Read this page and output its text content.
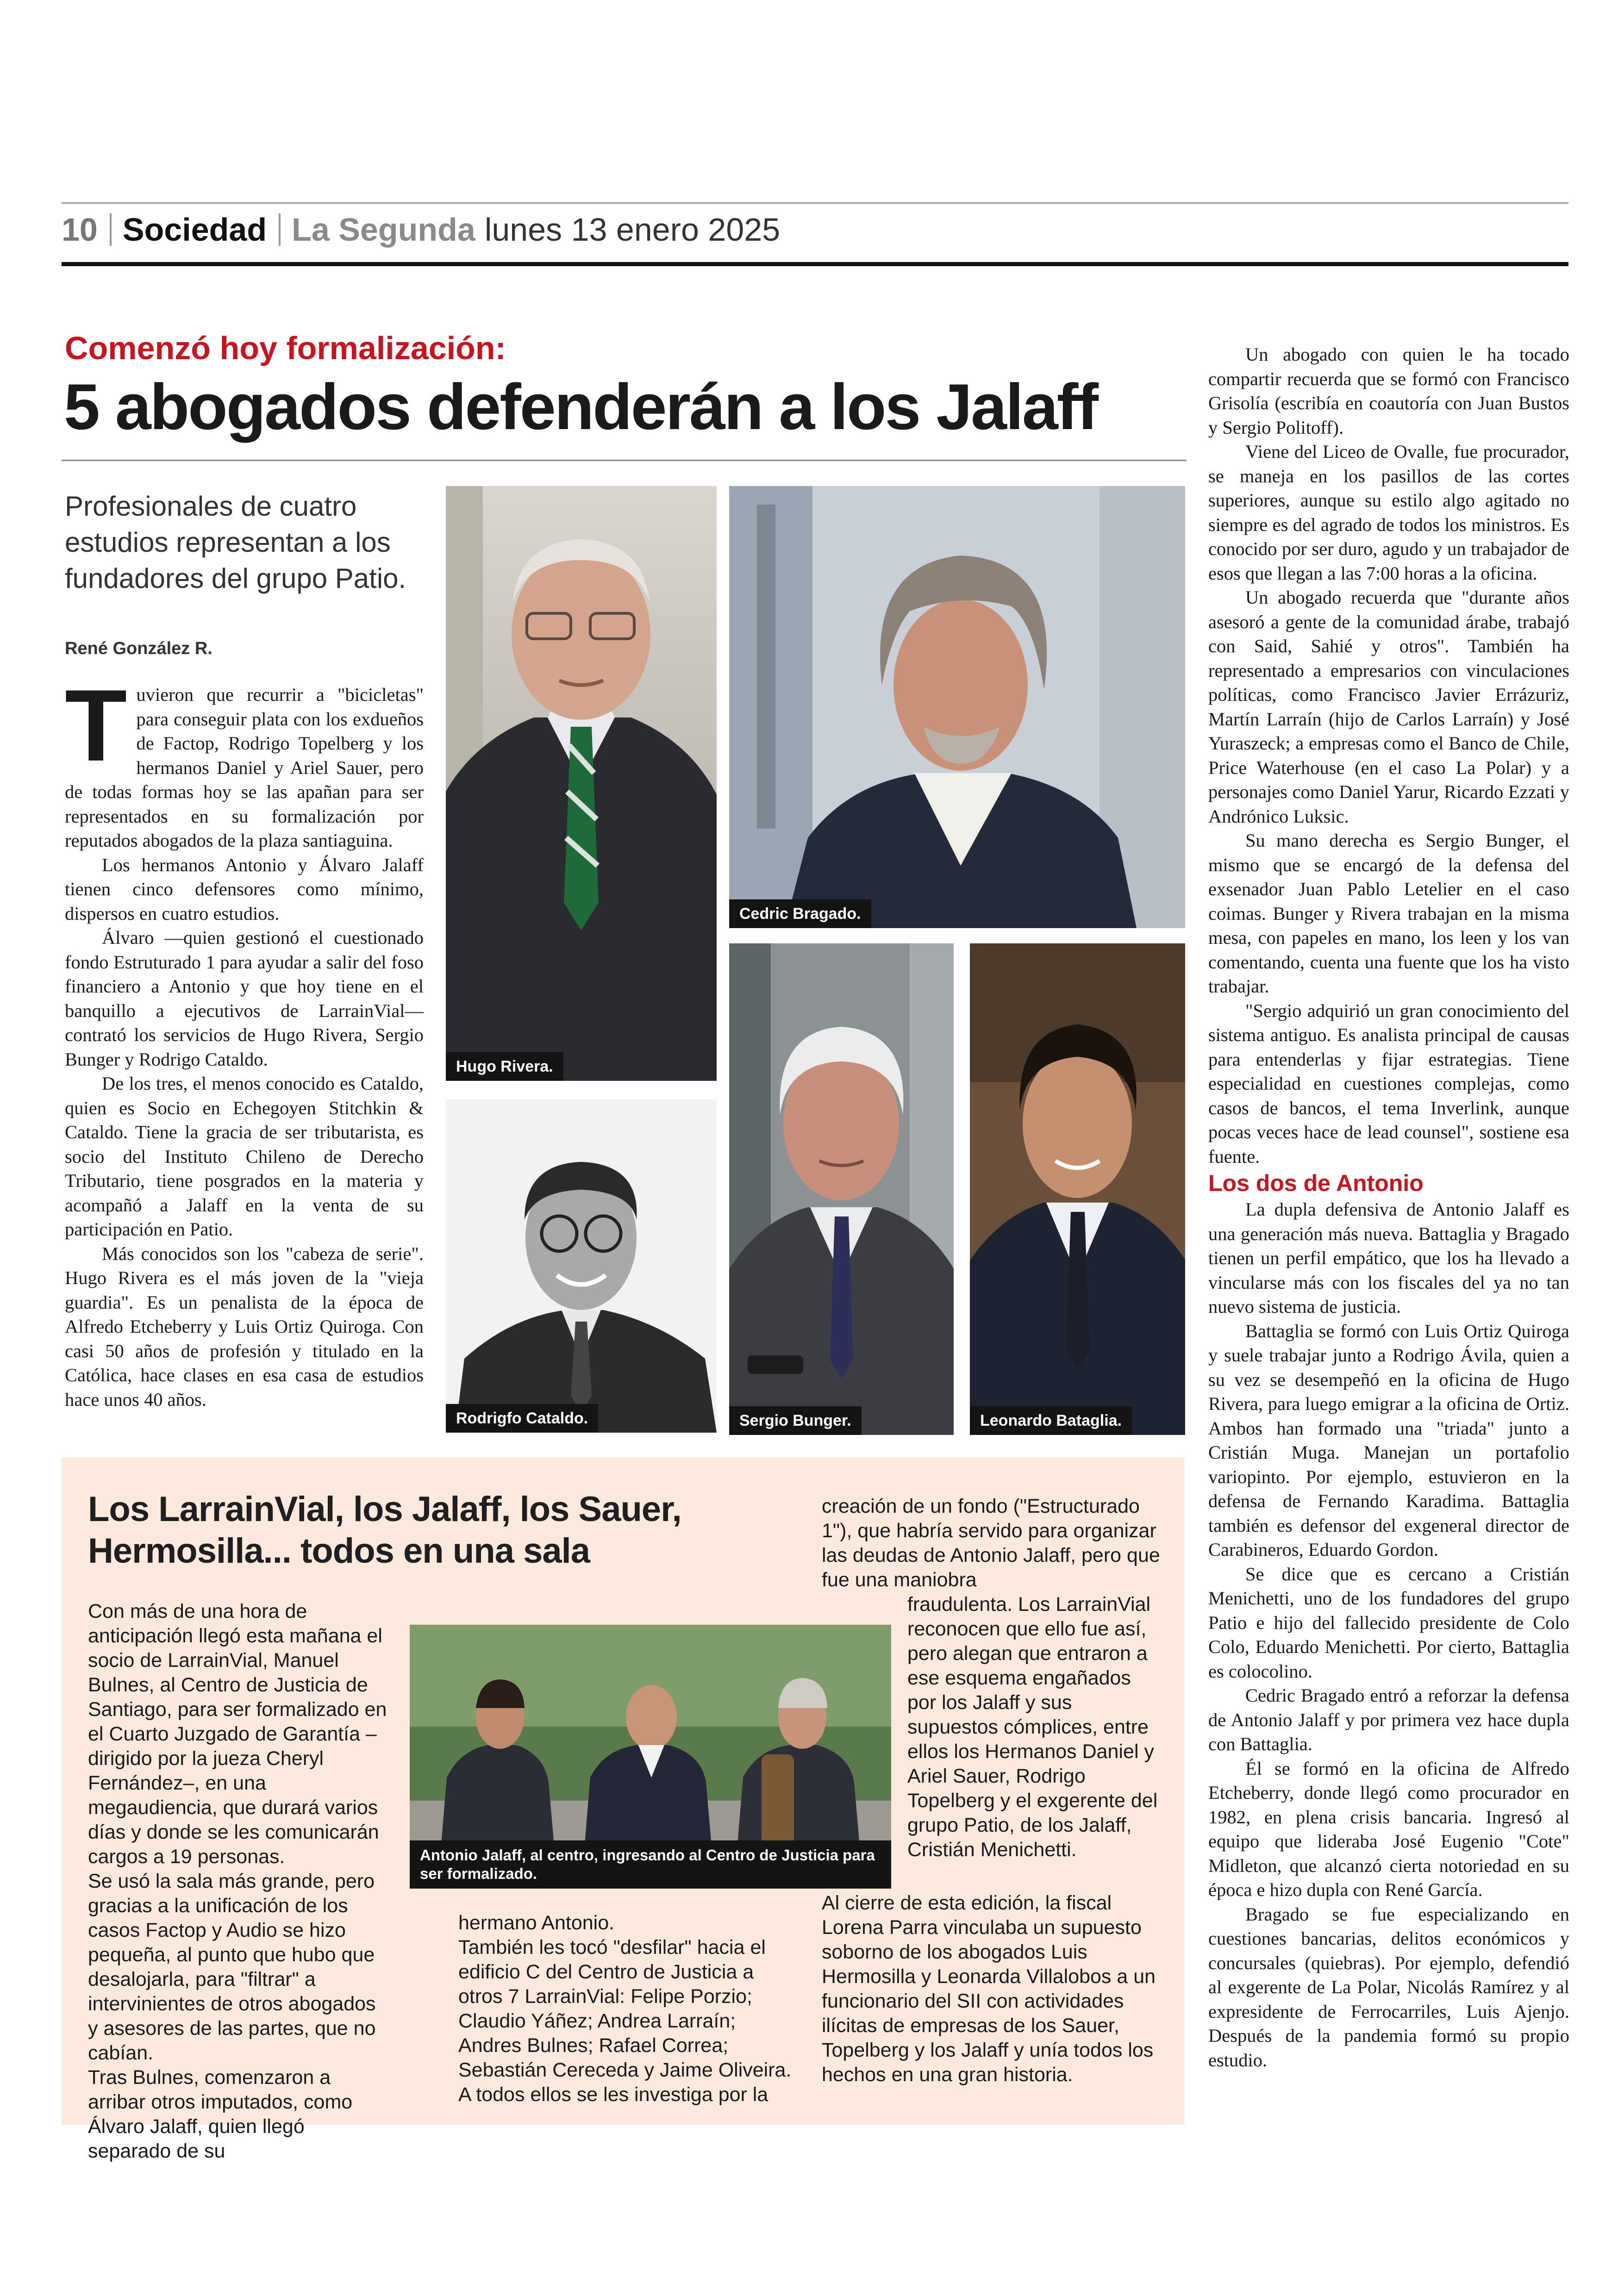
10 Sociedad La Segunda lunes 13 enero 2025
Comenzó hoy formalización:
5 abogados defenderán a los Jalaff
Profesionales de cuatro estudios representan a los fundadores del grupo Patio.
René González R.

Tuvieron que recurrir a "bicicletas" para conseguir plata con los exdueños de Factop, Rodrigo Topelberg y los hermanos Daniel y Ariel Sauer, pero de todas formas hoy se las apañan para ser representados en su formalización por reputados abogados de la plaza santiaguina.

Los hermanos Antonio y Álvaro Jalaff tienen cinco defensores como mínimo, dispersos en cuatro estudios.

Álvaro —quien gestionó el cuestionado fondo Estruturado 1 para ayudar a salir del foso financiero a Antonio y que hoy tiene en el banquillo a ejecutivos de LarrainVial— contrató los servicios de Hugo Rivera, Sergio Bunger y Rodrigo Cataldo.

De los tres, el menos conocido es Cataldo, quien es Socio en Echegoyen Stitchkin & Cataldo. Tiene la gracia de ser tributarista, es socio del Instituto Chileno de Derecho Tributario, tiene posgrados en la materia y acompañó a Jalaff en la venta de su participación en Patio.

Más conocidos son los "cabeza de serie". Hugo Rivera es el más joven de la "vieja guardia". Es un penalista de la época de Alfredo Etcheberry y Luis Ortiz Quiroga. Con casi 50 años de profesión y titulado en la Católica, hace clases en esa casa de estudios hace unos 40 años.

Hugo Rivera.
Cedric Bragado.
Rodrigfo Cataldo.	Sergio Bunger.	Leonardo Bataglia.

Un abogado con quien le ha tocado compartir recuerda que se formó con Francisco Grisolía (escribía en coautoría con Juan Bustos y Sergio Politoff).

Viene del Liceo de Ovalle, fue procurador, se maneja en los pasillos de las cortes superiores, aunque su estilo algo agitado no siempre es del agrado de todos los ministros. Es conocido por ser duro, agudo y un trabajador de esos que llegan a las 7:00 horas a la oficina.

Un abogado recuerda que "durante años asesoró a gente de la comunidad árabe, trabajó con Said, Sahié y otros". También ha representado a empresarios con vinculaciones políticas, como Francisco Javier Errázuriz, Martín Larraín (hijo de Carlos Larraín) y José Yuraszeck; a empresas como el Banco de Chile, Price Waterhouse (en el caso La Polar) y a personajes como Daniel Yarur, Ricardo Ezzati y Andrónico Luksic.

Su mano derecha es Sergio Bunger, el mismo que se encargó de la defensa del exsenador Juan Pablo Letelier en el caso coimas. Bunger y Rivera trabajan en la misma mesa, con papeles en mano, los leen y los van comentando, cuenta una fuente que los ha visto trabajar.

"Sergio adquirió un gran conocimiento del sistema antiguo. Es analista principal de causas para entenderlas y fijar estrategias. Tiene especialidad en cuestiones complejas, como casos de bancos, el tema Inverlink, aunque pocas veces hace de lead counsel", sostiene esa fuente.

Los dos de Antonio

La dupla defensiva de Antonio Jalaff es una generación más nueva. Battaglia y Bragado tienen un perfil empático, que los ha llevado a vincularse más con los fiscales del ya no tan nuevo sistema de justicia.

Battaglia se formó con Luis Ortiz Quiroga y suele trabajar junto a Rodrigo Ávila, quien a su vez se desempeñó en la oficina de Hugo Rivera, para luego emigrar a la oficina de Ortiz. Ambos han formado una "triada" junto a Cristián Muga. Manejan un portafolio variopinto. Por ejemplo, estuvieron en la defensa de Fernando Karadima. Battaglia también es defensor del exgeneral director de Carabineros, Eduardo Gordon.

Se dice que es cercano a Cristián Menichetti, uno de los fundadores del grupo Patio e hijo del fallecido presidente de Colo Colo, Eduardo Menichetti. Por cierto, Battaglia es colocolino.

Cedric Bragado entró a reforzar la defensa de Antonio Jalaff y por primera vez hace dupla con Battaglia.

Él se formó en la oficina de Alfredo Etcheberry, donde llegó como procurador en 1982, en plena crisis bancaria. Ingresó al equipo que lideraba José Eugenio "Cote" Midleton, que alcanzó cierta notoriedad en su época e hizo dupla con René García.

Bragado se fue especializando en cuestiones bancarias, delitos económicos y concursales (quiebras). Por ejemplo, defendió al exgerente de La Polar, Nicolás Ramírez y al expresidente de Ferrocarriles, Luis Ajenjo. Después de la pandemia formó su propio estudio.

Los LarrainVial, los Jalaff, los Sauer, Hermosilla... todos en una sala
Antonio Jalaff, al centro, ingresando al Centro de Justicia para ser formalizado.

Con más de una hora de anticipación llegó esta mañana el socio de LarrainVial, Manuel Bulnes, al Centro de Justicia de Santiago, para ser formalizado en el Cuarto Juzgado de Garantía –dirigido por la jueza Cheryl Fernández–, en una megaudiencia, que durará varios días y donde se les comunicarán cargos a 19 personas.

Se usó la sala más grande, pero gracias a la unificación de los casos Factop y Audio se hizo pequeña, al punto que hubo que desalojarla, para "filtrar" a intervinientes de otros abogados y asesores de las partes, que no cabían.

Tras Bulnes, comenzaron a arribar otros imputados, como Álvaro Jalaff, quien llegó separado de su

hermano Antonio.

También les tocó "desfilar" hacia el edificio C del Centro de Justicia a otros 7 LarrainVial: Felipe Porzio; Claudio Yáñez; Andrea Larraín; Andres Bulnes; Rafael Correa; Sebastián Cereceda y Jaime Oliveira.

A todos ellos se les investiga por la

creación de un fondo ("Estructurado 1"), que habría servido para organizar las deudas de Antonio Jalaff, pero que fue una maniobra
fraudulenta. Los LarrainVial reconocen que ello fue así, pero alegan que entraron a ese esquema engañados por los Jalaff y sus supuestos cómplices, entre ellos los Hermanos Daniel y Ariel Sauer, Rodrigo Topelberg y el exgerente del grupo Patio, de los Jalaff, Cristián Menichetti.
Al cierre de esta edición, la fiscal Lorena Parra vinculaba un supuesto soborno de los abogados Luis Hermosilla y Leonarda Villalobos a un funcionario del SII con actividades ilícitas de empresas de los Sauer, Topelberg y los Jalaff y unía todos los hechos en una gran historia.
